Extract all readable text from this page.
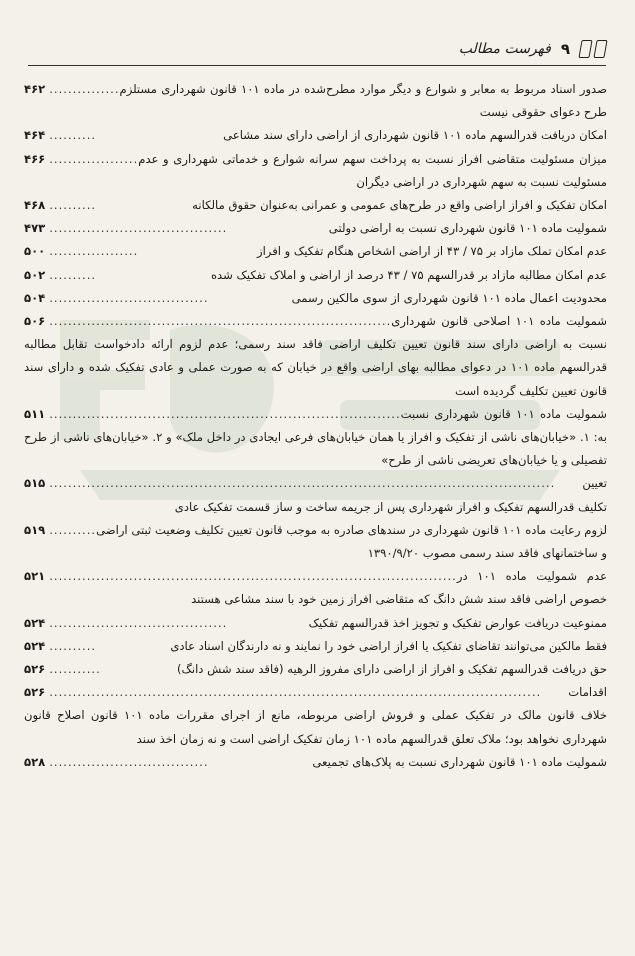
۹
فهرست مطالب
۴۶۲ ............... صدور اسناد مربوط به معابر و شوارع و دیگر موارد مطرح‌شده در ماده ۱۰۱ قانون شهرداری مستلزم طرح دعوای حقوقی نیست
۴۶۴ ..........	امکان دریافت قدرالسهم ماده ۱۰۱ قانون شهرداری از اراضی دارای سند مشاعی
۴۶۶ ................... میزان مسئولیت متقاضی افراز نسبت به پرداخت سهم سرانه شوارع و خدماتی شهرداری و عدم مسئولیت نسبت به سهم شهرداری در اراضی دیگران
۴۶۸ ..........	امکان تفکیک و افراز اراضی واقع در طرح‌های عمومی و عمرانی به‌عنوان حقوق مالکانه
۴۷۳ ......................................	شمولیت ماده ۱۰۱ قانون شهرداری نسبت به اراضی دولتی
۵۰۰ ...................	عدم امکان تملک مازاد بر ۷۵ / ۴۳ از اراضی اشخاص هنگام تفکیک و افراز
۵۰۲ ..........	عدم امکان مطالبه مازاد بر قدرالسهم ۷۵ / ۴۳ درصد از اراضی و املاک تفکیک شده
۵۰۴ ..................................	محدودیت اعمال ماده ۱۰۱ قانون شهرداری از سوی مالکین رسمی
۵۰۶ ......................................................................... شمولیت ماده ۱۰۱ اصلاحی قانون شهرداری نسبت به اراضی دارای سند قانون تعیین تکلیف اراضی فاقد سند رسمی؛ عدم لزوم ارائه دادخواست تقابل مطالبه قدرالسهم ماده ۱۰۱ در دعوای مطالبه بهای اراضی واقع در خیابان که به صورت عملی و عادی تفکیک شده و دارای سند قانون تعیین تکلیف گردیده است
۵۱۱ ........................................................................... شمولیت ماده ۱۰۱ قانون شهرداری نسبت به: ۱. «خیابان‌های ناشی از تفکیک و افراز یا همان خیابان‌های فرعی ایجادی در داخل ملک» و ۲. «خیابان‌های ناشی از طرح تفصیلی و یا خیابان‌های تعریضی ناشی از طرح»
۵۱۵ ............................................................................................................ تعیین تکلیف قدرالسهم تفکیک و افراز شهرداری پس از جریمه ساخت و ساز قسمت تفکیک عادی
۵۱۹ .......... لزوم رعایت ماده ۱۰۱ قانون شهرداری در سندهای صادره به موجب قانون تعیین تکلیف وضعیت ثبتی اراضی و ساختمانهای فاقد سند رسمی مصوب ۱۳۹۰/۹/۲۰
۵۲۱ ....................................................................................... عدم شمولیت ماده ۱۰۱ در خصوص اراضی فاقد سند شش دانگ که متقاضی افراز زمین خود با سند مشاعی هستند
۵۲۴ ......................................	ممنوعیت دریافت عوارض تفکیک و تجویز اخذ قدرالسهم تفکیک
۵۲۴ ..........	فقط مالکین می‌توانند تقاضای تفکیک یا افراز اراضی خود را نمایند و نه دارندگان اسناد عادی
۵۲۶ ...........	حق دریافت قدرالسهم تفکیک و افراز از اراضی دارای مفروز الرهیه (فاقد سند شش دانگ)
۵۲۶ ......................................................................................................... اقدامات خلاف قانون مالک در تفکیک عملی و فروش اراضی مربوطه، مانع از اجرای مقررات ماده ۱۰۱ قانون اصلاح قانون شهرداری نخواهد بود؛ ملاک تعلق قدرالسهم ماده ۱۰۱ زمان تفکیک اراضی است و نه زمان اخذ سند
۵۲۸ ..................................	شمولیت ماده ۱۰۱ قانون شهرداری نسبت به پلاک‌های تجمیعی
